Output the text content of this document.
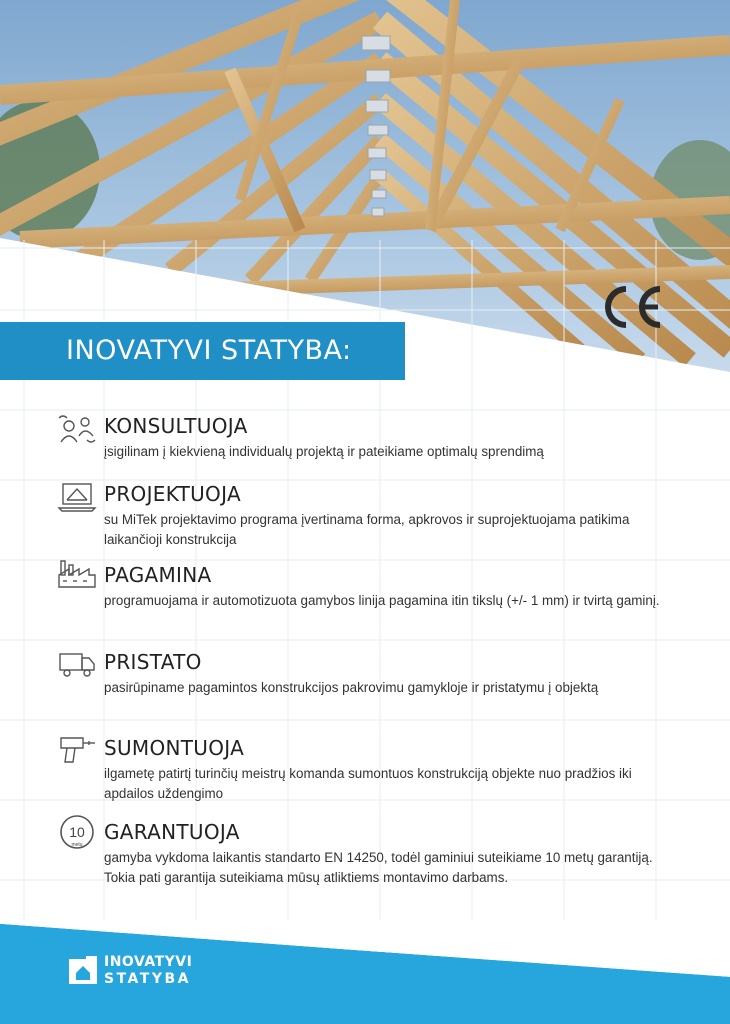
INOVATYVI STATYBA:
KONSULTUOJA
įsigilinam į kiekvieną individualų projektą ir pateikiame optimalų sprendimą
PROJEKTUOJA
su MiTek projektavimo programa įvertinama forma, apkrovos ir suprojektuojama patikima laikančioji konstrukcija
PAGAMINA
programuojama ir automotizuota gamybos linija pagamina itin tikslų (+/- 1 mm) ir tvirtą gaminį.
PRISTATO
pasirūpiname pagamintos konstrukcijos pakrovimu gamykloje ir pristatymu į objektą
SUMONTUOJA
ilgametę patirtį turinčių meistrų komanda sumontuos konstrukciją objekte nuo pradžios iki apdailos uždengimo
10
metų
GARANTUOJA
gamyba vykdoma laikantis standarto EN 14250, todėl gaminiui suteikiame 10 metų garantiją. Tokia pati garantija suteikiama mūsų atliktiems montavimo darbams.
INOVATYVI
STATYBA
